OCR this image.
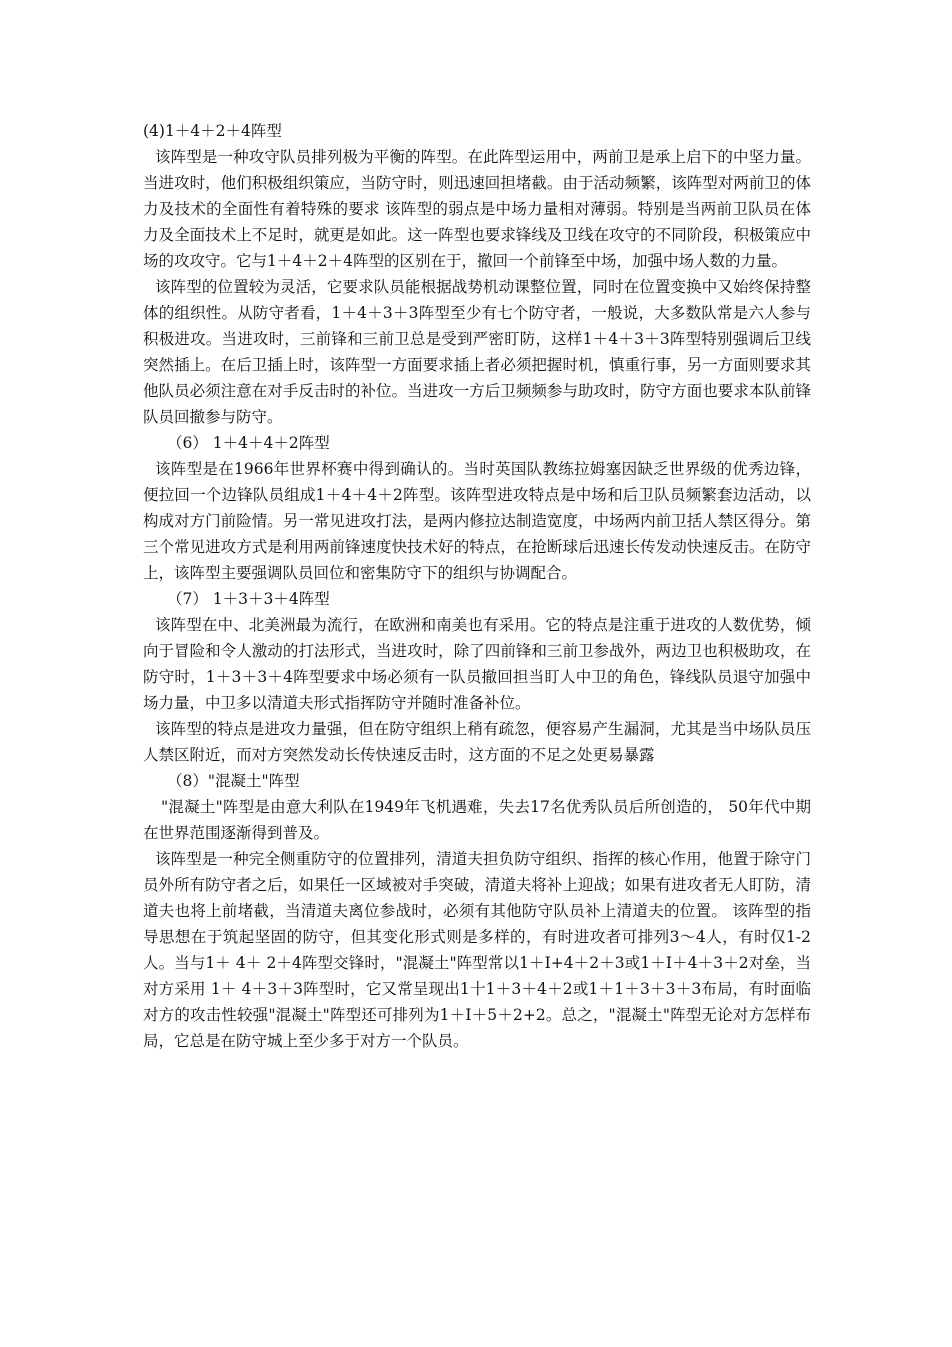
(4)1＋4＋2＋4阵型

该阵型是一种攻守队员排列极为平衡的阵型。在此阵型运用中，两前卫是承上启下的中坚力量。当进攻时，他们积极组织策应，当防守时，则迅速回担堵截。由于活动频繁，该阵型对两前卫的体力及技术的全面性有着特殊的要求 该阵型的弱点是中场力量相对薄弱。特别是当两前卫队员在体力及全面技术上不足时，就更是如此。这一阵型也要求锋线及卫线在攻守的不同阶段，积极策应中场的攻攻守。它与1＋4＋2＋4阵型的区别在于，撤回一个前锋至中场，加强中场人数的力量。

该阵型的位置较为灵活，它要求队员能根据战势机动课整位置，同时在位置变换中又始终保持整体的组织性。从防守者看，1＋4＋3＋3阵型至少有七个防守者，一般说，大多数队常是六人参与积极进攻。当进攻时，三前锋和三前卫总是受到严密盯防，这样1＋4＋3＋3阵型特别强调后卫线突然插上。在后卫插上时，该阵型一方面要求插上者必须把握时机，慎重行事，另一方面则要求其他队员必须注意在对手反击时的补位。当进攻一方后卫频频参与助攻时，防守方面也要求本队前锋队员回撤参与防守。

（6） 1＋4＋4＋2阵型

该阵型是在1966年世界杯赛中得到确认的。当时英国队教练拉姆塞因缺乏世界级的优秀边锋，便拉回一个边锋队员组成1＋4＋4＋2阵型。该阵型进攻特点是中场和后卫队员频繁套边活动，以构成对方门前险情。另一常见进攻打法，是两内修拉达制造宽度，中场两内前卫括人禁区得分。第三个常见进攻方式是利用两前锋速度快技术好的特点，在抢断球后迅速长传发动快速反击。在防守上，该阵型主要强调队员回位和密集防守下的组织与协调配合。

（7） 1＋3＋3＋4阵型

该阵型在中、北美洲最为流行，在欧洲和南美也有采用。它的特点是注重于进攻的人数优势，倾向于冒险和令人激动的打法形式，当进攻时，除了四前锋和三前卫参战外，两边卫也积极助攻，在防守时，1＋3＋3＋4阵型要求中场必须有一队员撤回担当盯人中卫的角色，锋线队员退守加强中场力量，中卫多以清道夫形式指挥防守并随时准备补位。

该阵型的特点是进攻力量强，但在防守组织上稍有疏忽，便容易产生漏洞，尤其是当中场队员压人禁区附近，而对方突然发动长传快速反击时，这方面的不足之处更易暴露

（8）"混凝土"阵型

"混凝土"阵型是由意大利队在1949年飞机遇难，失去17名优秀队员后所创造的， 50年代中期在世界范围逐渐得到普及。

该阵型是一种完全侧重防守的位置排列，清道夫担负防守组织、指挥的核心作用，他置于除守门员外所有防守者之后，如果任一区域被对手突破，清道夫将补上迎战；如果有进攻者无人盯防，清道夫也将上前堵截，当清道夫离位参战时，必须有其他防守队员补上清道夫的位置。 该阵型的指导思想在于筑起坚固的防守，但其变化形式则是多样的，有时进攻者可排列3～4人，有时仅1-2人。当与1＋ 4＋ 2＋4阵型交锋时，"混凝土"阵型常以1＋I+4＋2＋3或1＋I＋4＋3＋2对垒，当对方采用 1＋ 4＋3＋3阵型时，它又常呈现出1十1＋3＋4＋2或1＋1＋3＋3＋3布局，有时面临对方的攻击性较强"混凝土"阵型还可排列为1＋I＋5＋2+2。总之，"混凝土"阵型无论对方怎样布局，它总是在防守城上至少多于对方一个队员。
